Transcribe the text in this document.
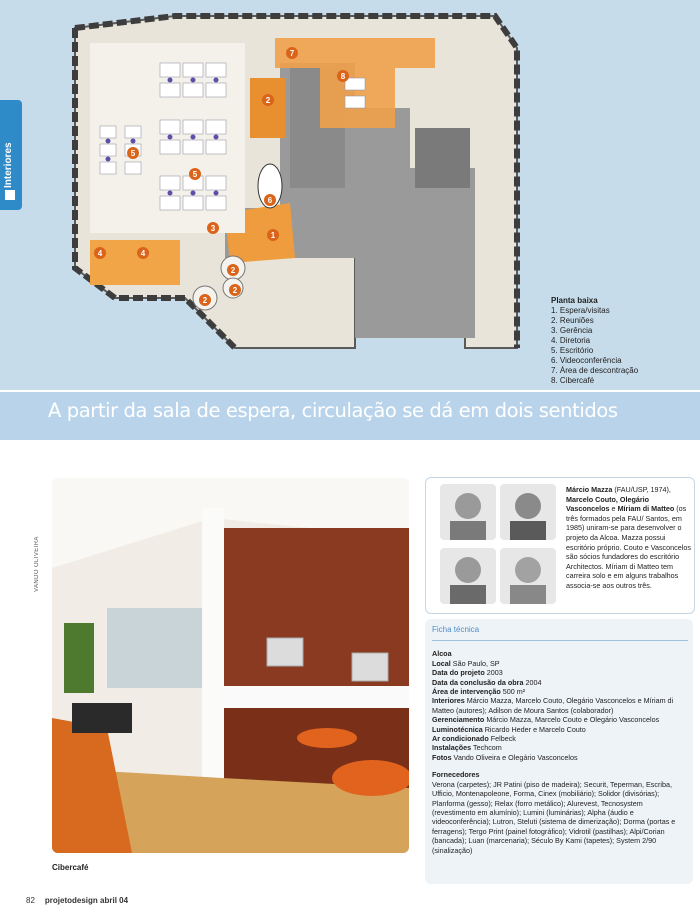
Interiores
7
8
2
5
5
6
3
1
4	4
2
2
2	Planta baixa
1. Espera/visitas
2. Reuniões
3. Gerência
4. Diretoria
5. Escritório
6. Videoconferência
7. Área de descontração
8. Cibercafé
A partir da sala de espera, circulação se dá em dois sentidos
VANDO OLIVEIRA
Cibercafé
Márcio Mazza (FAU/USP, 1974), Marcelo Couto, Olegário Vasconcelos e Míriam di Matteo (os três formados pela FAU/ Santos, em 1985) uniram-se para desenvolver o projeto da Alcoa. Mazza possui escritório próprio. Couto e Vasconcelos são sócios fundadores do escritório Architectos. Míriam di Matteo tem carreira solo e em alguns trabalhos associa-se aos outros três.
Ficha técnica
Alcoa
Local São Paulo, SP
Data do projeto 2003
Data da conclusão da obra 2004
Área de intervenção 500 m²
Interiores Márcio Mazza, Marcelo Couto, Olegário Vasconcelos e Míriam di Matteo (autores); Adilson de Moura Santos (colaborador)
Gerenciamento Márcio Mazza, Marcelo Couto e Olegário Vasconcelos
Luminotécnica Ricardo Heder e Marcelo Couto
Ar condicionado Felbeck
Instalações Techcom
Fotos Vando Oliveira e Olegário Vasconcelos
Fornecedores
Verona (carpetes); JR Patini (piso de madeira); Securit, Teperman, Escriba, Ufficio, Montenapoleone, Forma, Cinex (mobiliário); Solidor (divisórias); Planforma (gesso); Relax (forro metálico); Alurevest, Tecnosystem (revestimento em alumínio); Lumini (luminárias); Alpha (áudio e videoconferência); Lutron, Steluti (sistema de dimerização); Dorma (portas e ferragens); Tergo Print (painel fotográfico); Vidrotil (pastilhas); Alpi/Corian (bancada); Luan (marcenaria); Século By Kami (tapetes); System 2/90 (sinalização)
82 projetodesign abril 04
